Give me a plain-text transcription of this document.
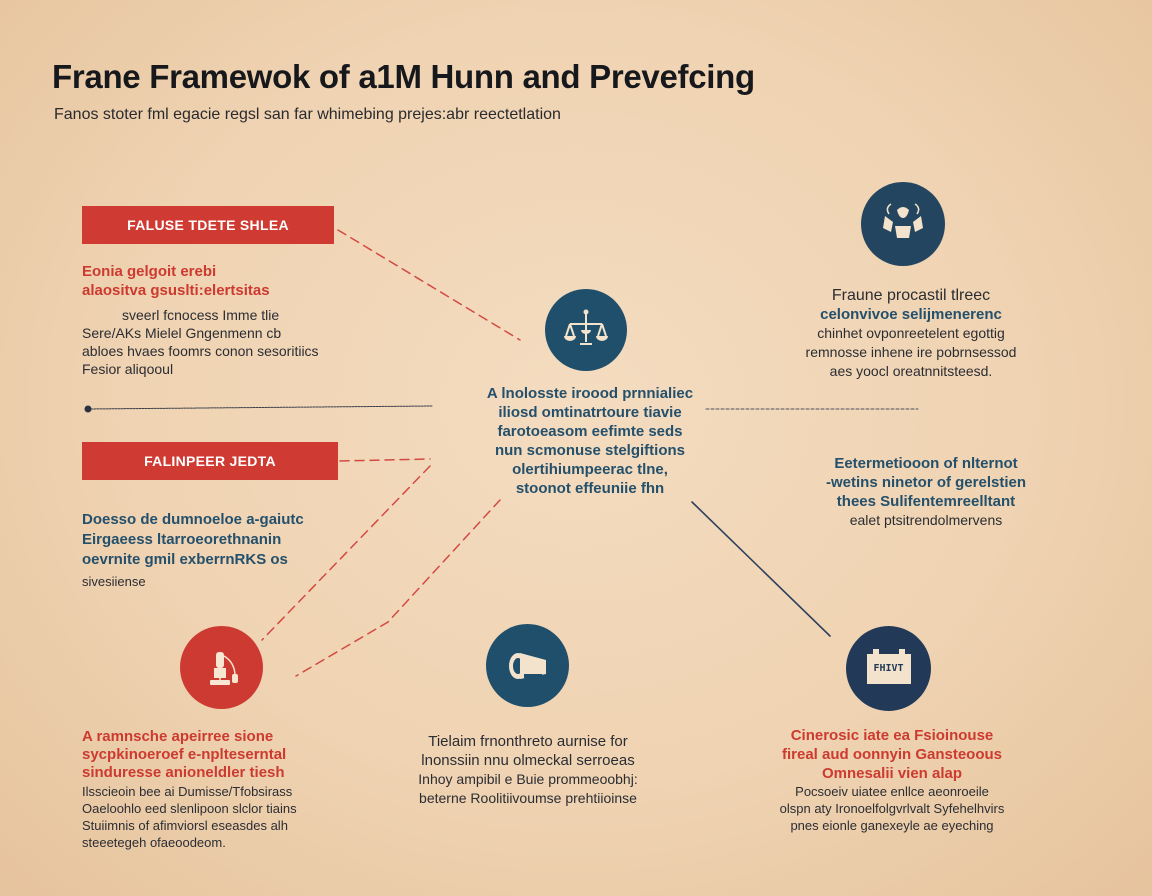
Frane Framewok of a1M Hunn and Prevefcing
Fanos stoter fml egacie regsl san far whimebing prejes:abr reectetlation
FALUSE TDETE SHLEA
Eonia gelgoit erebi
alaositva gsuslti:elertsitas
sveerl fcnocess Imme tlie
Sere/AKs Mielel Gngenmenn cb
abloes hvaes foomrs conon sesoritiics
Fesior aliqooul
FALINPEER JEDTA
Doesso de dumnoeloe a-gaiutc
Eirgaeess ltarroeorethnanin
oevrnite gmil exberrnRKS os
sivesiiense
A lnolosste iroood prnnialiec
iliosd omtinatrtoure tiavie
farotoeasom eefimte seds
nun scmonuse stelgiftions
olertihiumpeerac tlne,
stoonot effeuniie fhn
Fraune procastil tlreec
celonvivoe selijmenerenc
chinhet ovponreetelent egottig
remnosse inhene ire pobrnsessod
aes yoocl oreatnnitsteesd.
Eetermetiooon of nlternot
-wetins ninetor of gerelstien
thees Sulifentemreelltant
ealet ptsitrendolmervens
A ramnsche apeirree sione
sycpkinoeroef e-nplteserntal
sinduresse anioneldler tiesh
Ilsscieoin bee ai Dumisse/Tfobsirass
Oaeloohlo eed slenlipoon slclor tiains
Stuiimnis of afimviorsl eseasdes alh
steeetegeh ofaeoodeom.
Tielaim frnonthreto aurnise for
lnonssiin nnu olmeckal serroeas
Inhoy ampibil e Buie prommeoobhj:
beterne Roolitiivoumse prehtiioinse
FHIVT
Cinerosic iate ea Fsioinouse
fireal aud oonnyin Gansteoous
Omnesalii vien alap
Pocsoeiv uiatee enllce aeonroeile
olspn aty Ironoelfolgvrlvalt Syfehelhvirs
pnes eionle ganexeyle ae eyeching
